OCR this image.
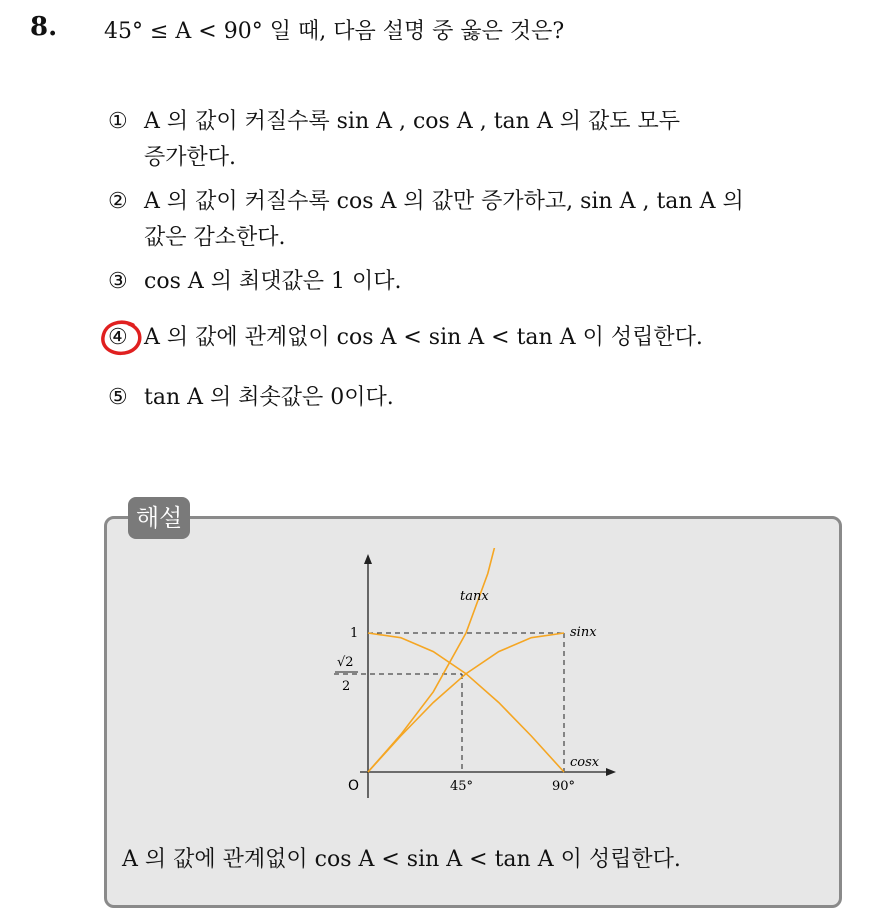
8. 45° ≤ A < 90° 일 때, 다음 설명 중 옳은 것은?
① A 의 값이 커질수록 sin A , cos A , tan A 의 값도 모두
증가한다.
② A 의 값이 커질수록 cos A 의 값만 증가하고, sin A , tan A 의
값은 감소한다.
③ cos A 의 최댓값은 1 이다.
④ A 의 값에 관계없이 cos A < sin A < tan A 이 성립한다.
⑤ tan A 의 최솟값은 0이다.
해설
tanx
sinx
cosx
1
√2
2
O	45°	90°
A 의 값에 관계없이 cos A < sin A < tan A 이 성립한다.
